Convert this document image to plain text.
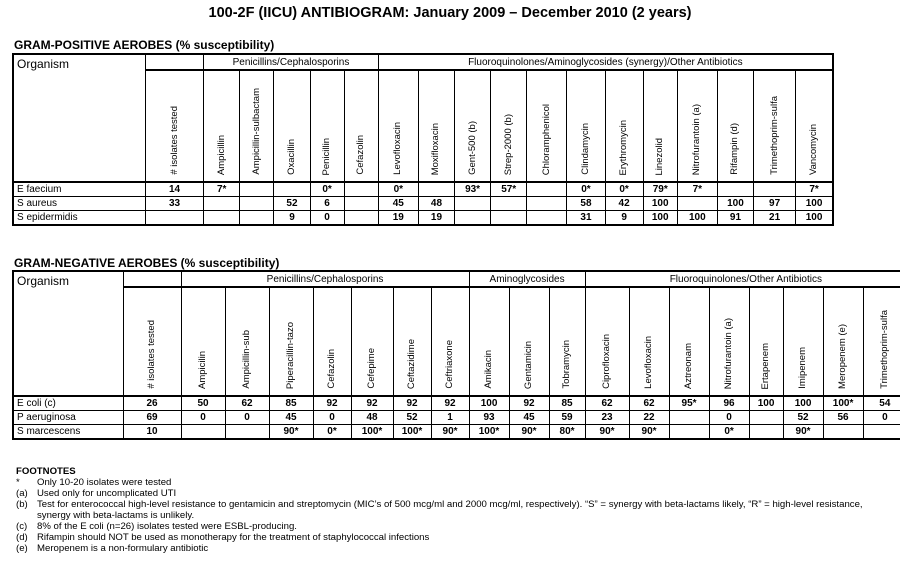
100-2F (IICU) ANTIBIOGRAM: January 2009 – December 2010 (2 years)
GRAM-POSITIVE AEROBES (% susceptibility)
Organism		Penicillins/Cephalosporins					Fluoroquinolones/Aminoglycosides (synergy)/Other Antibiotics											

	# isolates tested	Ampicillin	Ampicillin-sulbactam	Oxacillin	Penicillin	Cefazolin	Levofloxacin	Moxifloxacin	Gent-500 (b)	Strep-2000 (b)	Chloramphenicol	Clindamycin	Erythromycin	Linezolid	Nitrofurantoin (a)	Rifampin (d)	Trimethoprim-sulfa	Vancomycin

E faecium	14	7*			0*		0*		93*	57*		0*	0*	79*	7*			7*
S aureus	33			52	6		45	48				58	42	100		100	97	100
S epidermidis				9	0		19	19				31	9	100	100	91	21	100
GRAM-NEGATIVE AEROBES (% susceptibility)
Organism		Penicillins/Cephalosporins							Aminoglycosides			Fluoroquinolones/Other Antibiotics							

	# isolates tested	Ampicilin	Ampicillin-sub	Piperacillin-tazo	Cefazolin	Cefepime	Ceftazidime	Ceftriaxone	Amikacin	Gentamicin	Tobramycin	Ciprofloxacin	Levofloxacin	Aztreonam	Nitrofurantoin (a)	Ertapenem	Imipenem	Meropenem (e)	Trimethoprim-sulfa

E coli (c)	26	50	62	85	92	92	92	92	100	92	85	62	62	95*	96	100	100	100*	54
P aeruginosa	69	0	0	45	0	48	52	1	93	45	59	23	22		0		52	56	0
S marcescens	10			90*	0*	100*	100*	90*	100*	90*	80*	90*	90*		0*		90*		
FOOTNOTES
*	Only 10-20 isolates were tested
(a) Used only for uncomplicated UTI
(b) Test for enterococcal high-level resistance to gentamicin and streptomycin (MIC’s of 500 mcg/ml and 2000 mcg/ml, respectively). “S” = synergy with beta-lactams likely, “R” = high-level resistance, synergy with beta-lactams is unlikely.
(c)	8% of the E coli (n=26) isolates tested were ESBL-producing.
(d) Rifampin should NOT be used as monotherapy for the treatment of staphylococcal infections
(e) Meropenem is a non-formulary antibiotic
